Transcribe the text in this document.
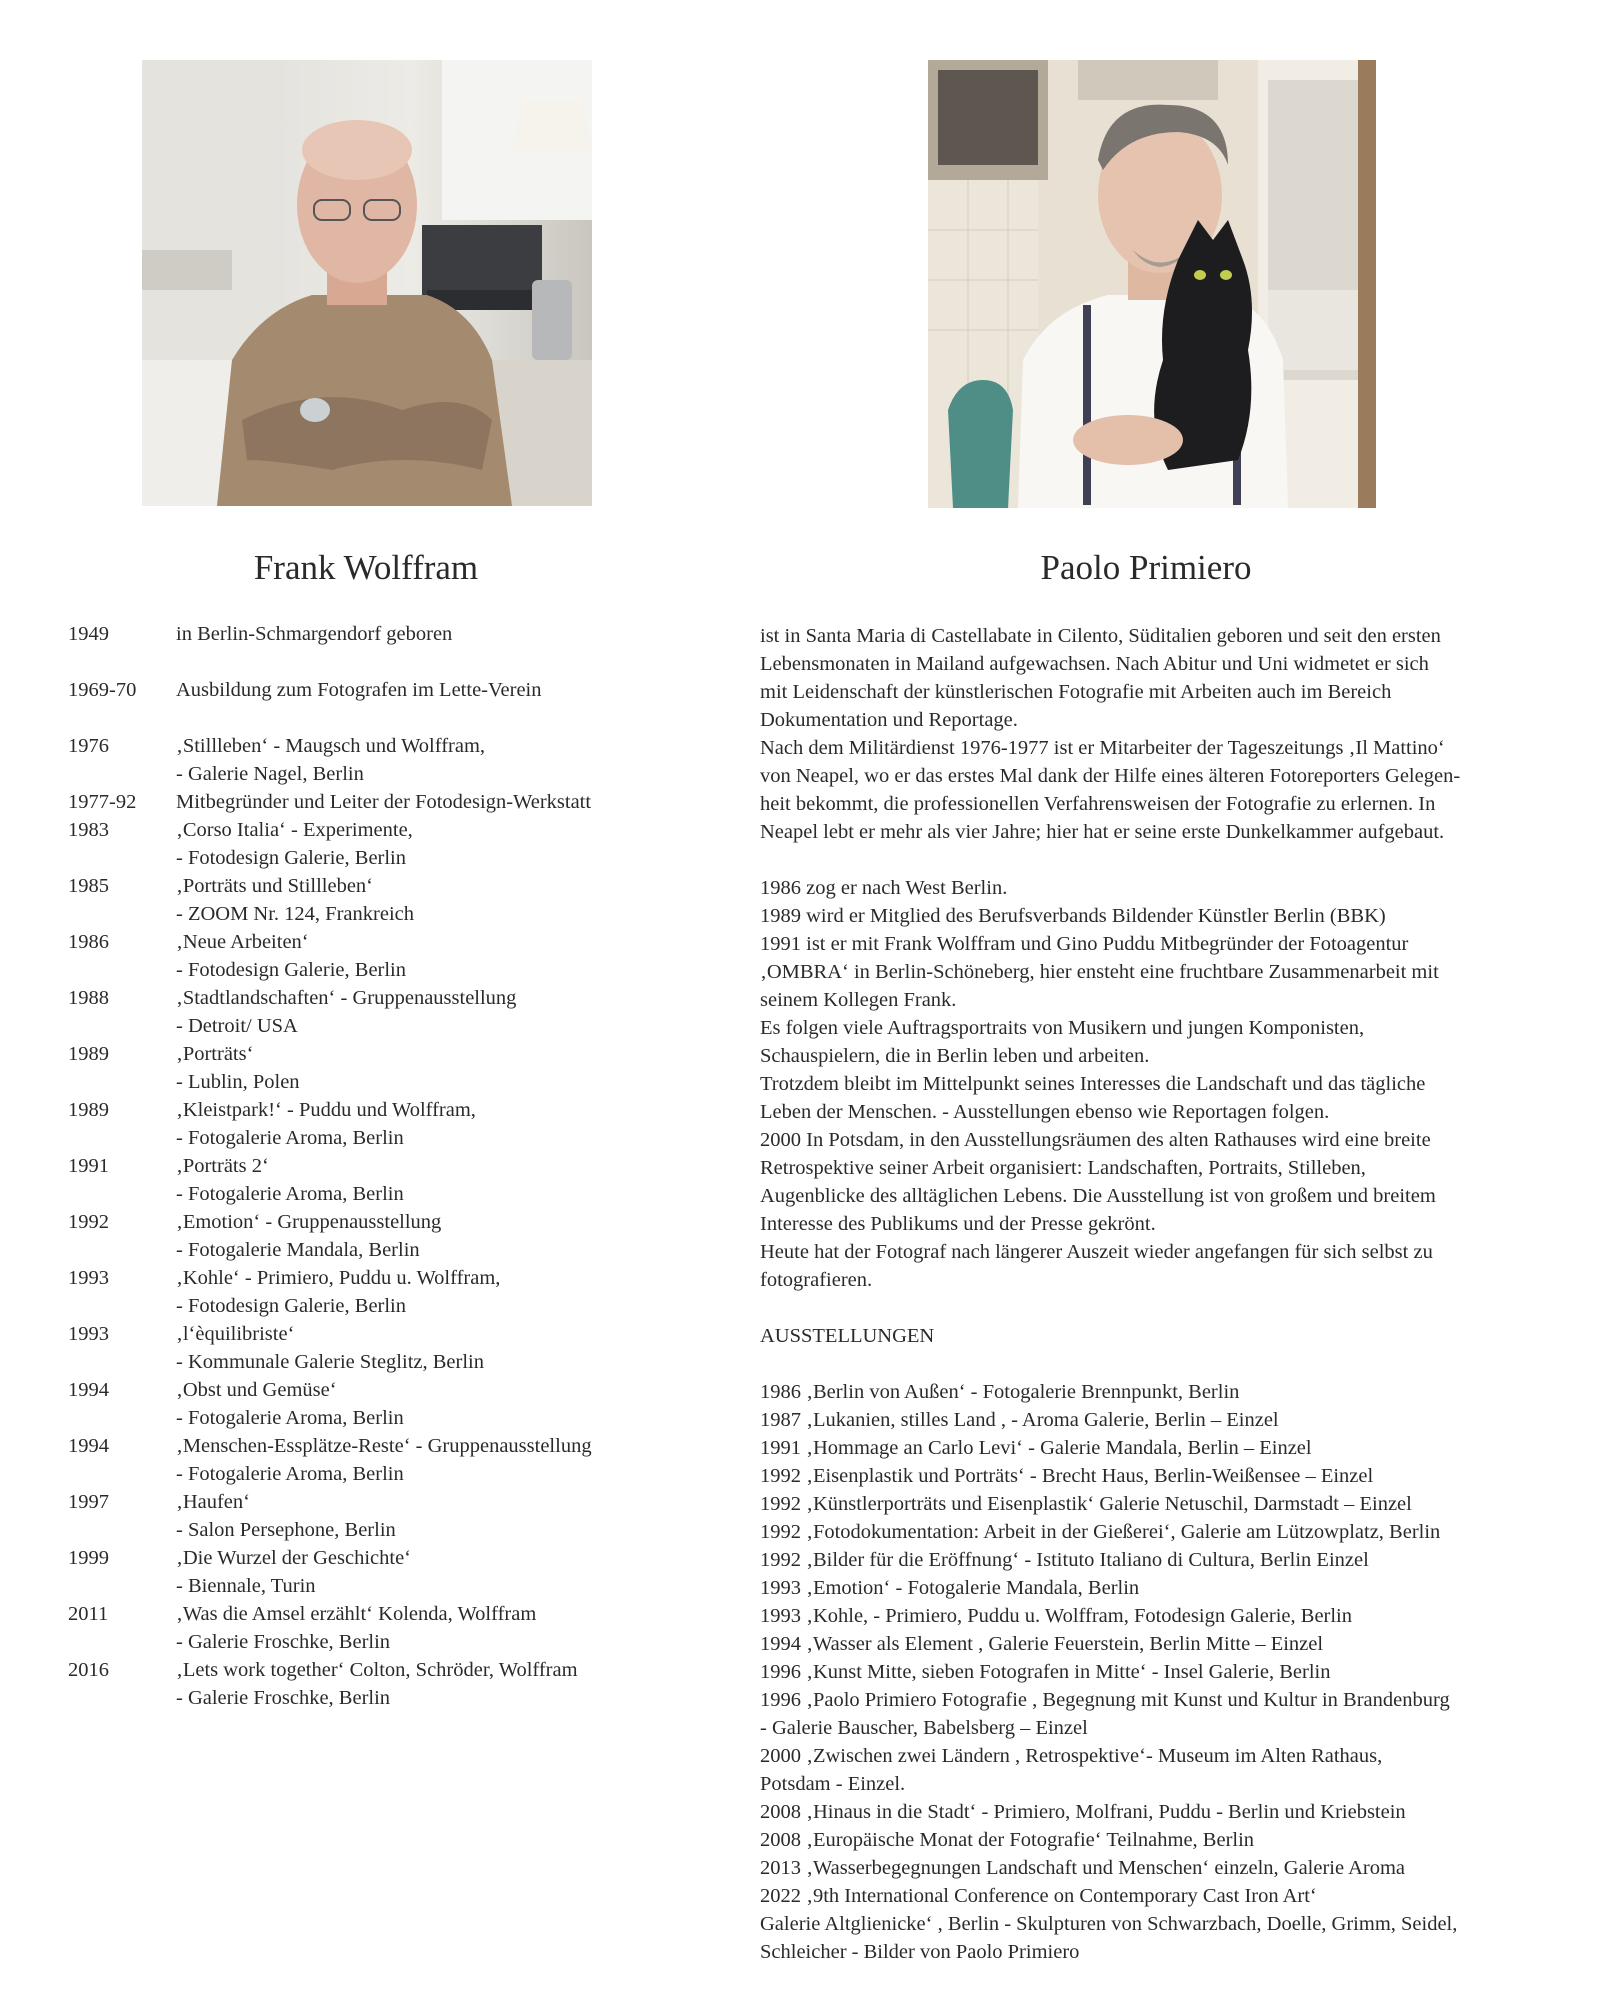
Frank Wolffram	Paolo Primiero
1949	in Berlin-Schmargendorf geboren
1969-70	Ausbildung zum Fotografen im Lette-Verein
1976	‚Stillleben‘ - Maugsch und Wolffram,
- Galerie Nagel, Berlin
1977-92	Mitbegründer und Leiter der Fotodesign-Werkstatt
1983	‚Corso Italia‘ - Experimente,
- Fotodesign Galerie, Berlin
1985	‚Porträts und Stillleben‘
- ZOOM Nr. 124, Frankreich
1986	‚Neue Arbeiten‘
- Fotodesign Galerie, Berlin
1988	‚Stadtlandschaften‘ - Gruppenausstellung
- Detroit/ USA
1989	‚Porträts‘
- Lublin, Polen
1989	‚Kleistpark!‘ - Puddu und Wolffram,
- Fotogalerie Aroma, Berlin
1991	‚Porträts 2‘
- Fotogalerie Aroma, Berlin
1992	‚Emotion‘ - Gruppenausstellung
- Fotogalerie Mandala, Berlin
1993	‚Kohle‘ - Primiero, Puddu u. Wolffram,
- Fotodesign Galerie, Berlin
1993	‚l‘èquilibriste‘
- Kommunale Galerie Steglitz, Berlin
1994	‚Obst und Gemüse‘
- Fotogalerie Aroma, Berlin
1994	‚Menschen-Essplätze-Reste‘ - Gruppenausstellung
- Fotogalerie Aroma, Berlin
1997	‚Haufen‘
- Salon Persephone, Berlin
1999	‚Die Wurzel der Geschichte‘
- Biennale, Turin
2011	‚Was die Amsel erzählt‘ Kolenda, Wolffram
- Galerie Froschke, Berlin
2016	‚Lets work together‘ Colton, Schröder, Wolffram
- Galerie Froschke, Berlin
ist in Santa Maria di Castellabate in Cilento, Süditalien geboren und seit den ersten
Lebensmonaten in Mailand aufgewachsen. Nach Abitur und Uni widmetet er sich
mit Leidenschaft der künstlerischen Fotografie mit Arbeiten auch im Bereich
Dokumentation und Reportage.
Nach dem Militärdienst 1976-1977 ist er Mitarbeiter der Tageszeitungs ‚Il Mattino‘
von Neapel, wo er das erstes Mal dank der Hilfe eines älteren Fotoreporters Gelegen-
heit bekommt, die professionellen Verfahrensweisen der Fotografie zu erlernen. In
Neapel lebt er mehr als vier Jahre; hier hat er seine erste Dunkelkammer aufgebaut.
1986 zog er nach West Berlin.
1989 wird er Mitglied des Berufsverbands Bildender Künstler Berlin (BBK)
1991 ist er mit Frank Wolffram und Gino Puddu Mitbegründer der Fotoagentur
‚OMBRA‘ in Berlin-Schöneberg, hier ensteht eine fruchtbare Zusammenarbeit mit
seinem Kollegen Frank.
Es folgen viele Auftragsportraits von Musikern und jungen Komponisten,
Schauspielern, die in Berlin leben und arbeiten.
Trotzdem bleibt im Mittelpunkt seines Interesses die Landschaft und das tägliche
Leben der Menschen. - Ausstellungen ebenso wie Reportagen folgen.
2000 In Potsdam, in den Ausstellungsräumen des alten Rathauses wird eine breite
Retrospektive seiner Arbeit organisiert: Landschaften, Portraits, Stilleben,
Augenblicke des alltäglichen Lebens. Die Ausstellung ist von großem und breitem
Interesse des Publikums und der Presse gekrönt.
Heute hat der Fotograf nach längerer Auszeit wieder angefangen für sich selbst zu
fotografieren.
AUSSTELLUNGEN
1986 ‚Berlin von Außen‘ - Fotogalerie Brennpunkt, Berlin
1987 ‚Lukanien, stilles Land , - Aroma Galerie, Berlin – Einzel
1991 ‚Hommage an Carlo Levi‘ - Galerie Mandala, Berlin – Einzel
1992 ‚Eisenplastik und Porträts‘ - Brecht Haus, Berlin-Weißensee – Einzel
1992 ‚Künstlerporträts und Eisenplastik‘ Galerie Netuschil, Darmstadt – Einzel
1992 ‚Fotodokumentation: Arbeit in der Gießerei‘, Galerie am Lützowplatz, Berlin
1992 ‚Bilder für die Eröffnung‘ - Istituto Italiano di Cultura, Berlin Einzel
1993 ‚Emotion‘ - Fotogalerie Mandala, Berlin
1993 ‚Kohle, - Primiero, Puddu u. Wolffram, Fotodesign Galerie, Berlin
1994 ‚Wasser als Element , Galerie Feuerstein, Berlin Mitte – Einzel
1996 ‚Kunst Mitte, sieben Fotografen in Mitte‘ - Insel Galerie, Berlin
1996 ‚Paolo Primiero Fotografie , Begegnung mit Kunst und Kultur in Brandenburg
- Galerie Bauscher, Babelsberg – Einzel
2000 ‚Zwischen zwei Ländern , Retrospektive‘- Museum im Alten Rathaus,
Potsdam - Einzel.
2008 ‚Hinaus in die Stadt‘ - Primiero, Molfrani, Puddu - Berlin und Kriebstein
2008 ‚Europäische Monat der Fotografie‘ Teilnahme, Berlin
2013 ‚Wasserbegegnungen Landschaft und Menschen‘ einzeln, Galerie Aroma
2022 ‚9th International Conference on Contemporary Cast Iron Art‘
Galerie Altglienicke‘ , Berlin - Skulpturen von Schwarzbach, Doelle, Grimm, Seidel,
Schleicher - Bilder von Paolo Primiero
